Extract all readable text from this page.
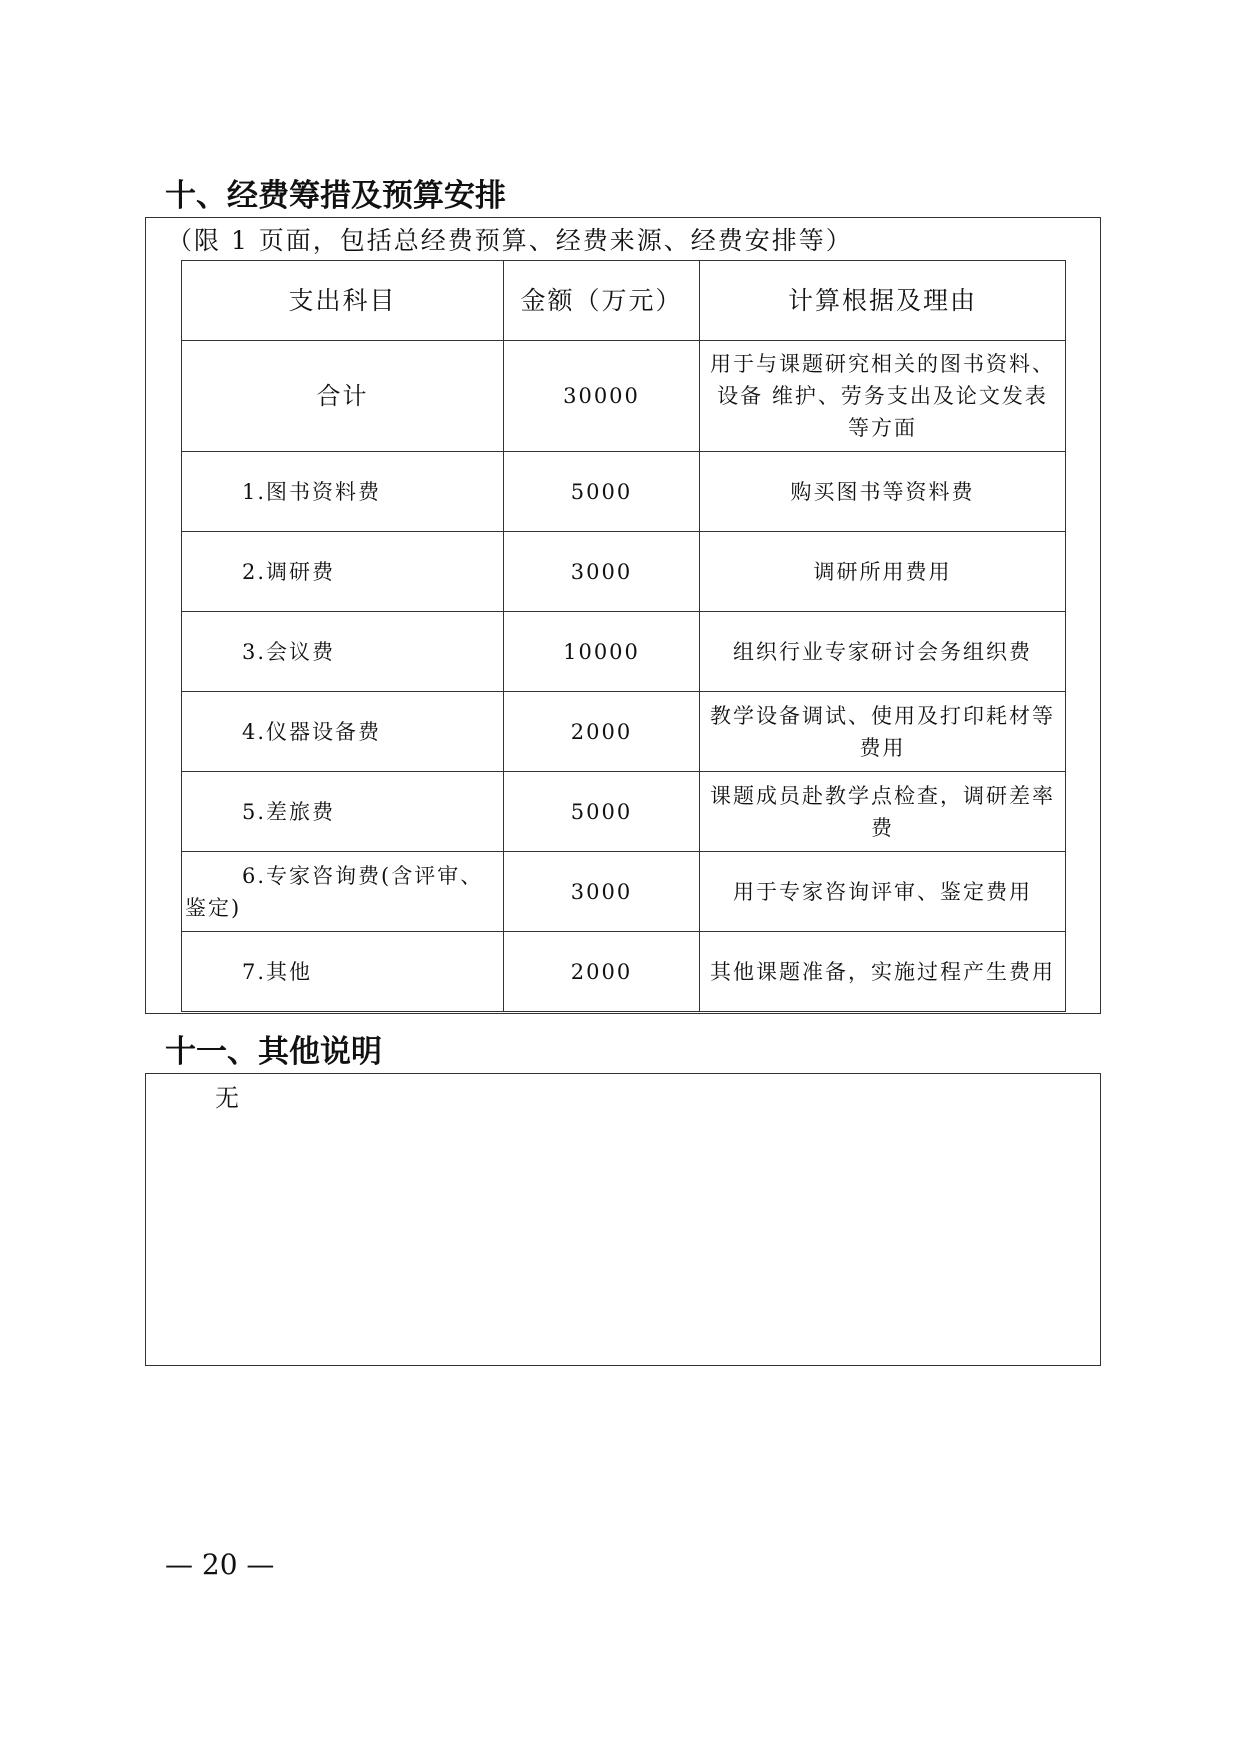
十、经费筹措及预算安排
（限 1 页面，包括总经费预算、经费来源、经费安排等）
支出科目	金额（万元）	计算根据及理由
合计	30000	用于与课题研究相关的图书资料、设备 维护、劳务支出及论文发表等方面
1.图书资料费	5000	购买图书等资料费
2.调研费	3000	调研所用费用
3.会议费	10000	组织行业专家研讨会务组织费
4.仪器设备费	2000	教学设备调试、使用及打印耗材等费用
5.差旅费	5000	课题成员赴教学点检查，调研差率费
6.专家咨询费(含评审、鉴定)	3000	用于专家咨询评审、鉴定费用
7.其他	2000	其他课题准备，实施过程产生费用
十一、其他说明
无
— 20 —
